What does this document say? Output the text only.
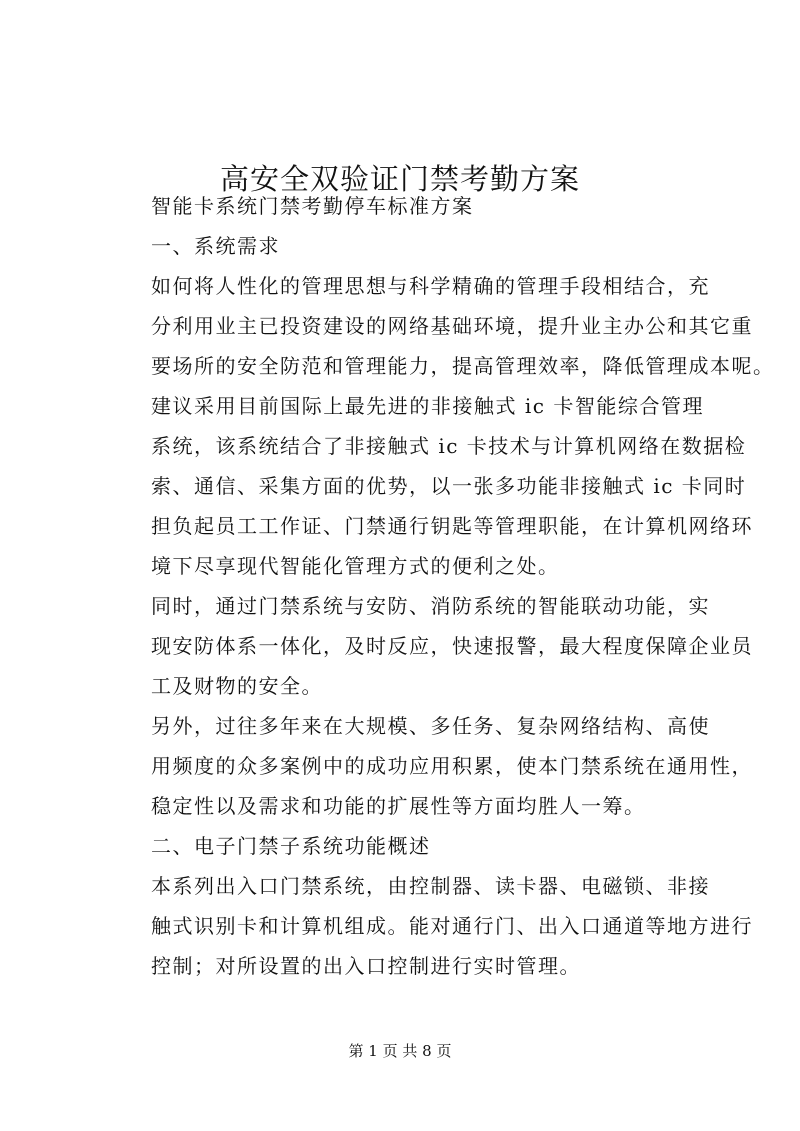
高安全双验证门禁考勤方案
智能卡系统门禁考勤停车标准方案
一、系统需求
如何将人性化的管理思想与科学精确的管理手段相结合，充
分利用业主已投资建设的网络基础环境，提升业主办公和其它重
要场所的安全防范和管理能力，提高管理效率，降低管理成本呢。
建议采用目前国际上最先进的非接触式 ic 卡智能综合管理
系统，该系统结合了非接触式 ic 卡技术与计算机网络在数据检
索、通信、采集方面的优势，以一张多功能非接触式 ic 卡同时
担负起员工工作证、门禁通行钥匙等管理职能，在计算机网络环
境下尽享现代智能化管理方式的便利之处。
同时，通过门禁系统与安防、消防系统的智能联动功能，实
现安防体系一体化，及时反应，快速报警，最大程度保障企业员
工及财物的安全。
另外，过往多年来在大规模、多任务、复杂网络结构、高使
用频度的众多案例中的成功应用积累，使本门禁系统在通用性，
稳定性以及需求和功能的扩展性等方面均胜人一筹。
二、电子门禁子系统功能概述
本系列出入口门禁系统，由控制器、读卡器、电磁锁、非接
触式识别卡和计算机组成。能对通行门、出入口通道等地方进行
控制；对所设置的出入口控制进行实时管理。
第 1 页 共 8 页
